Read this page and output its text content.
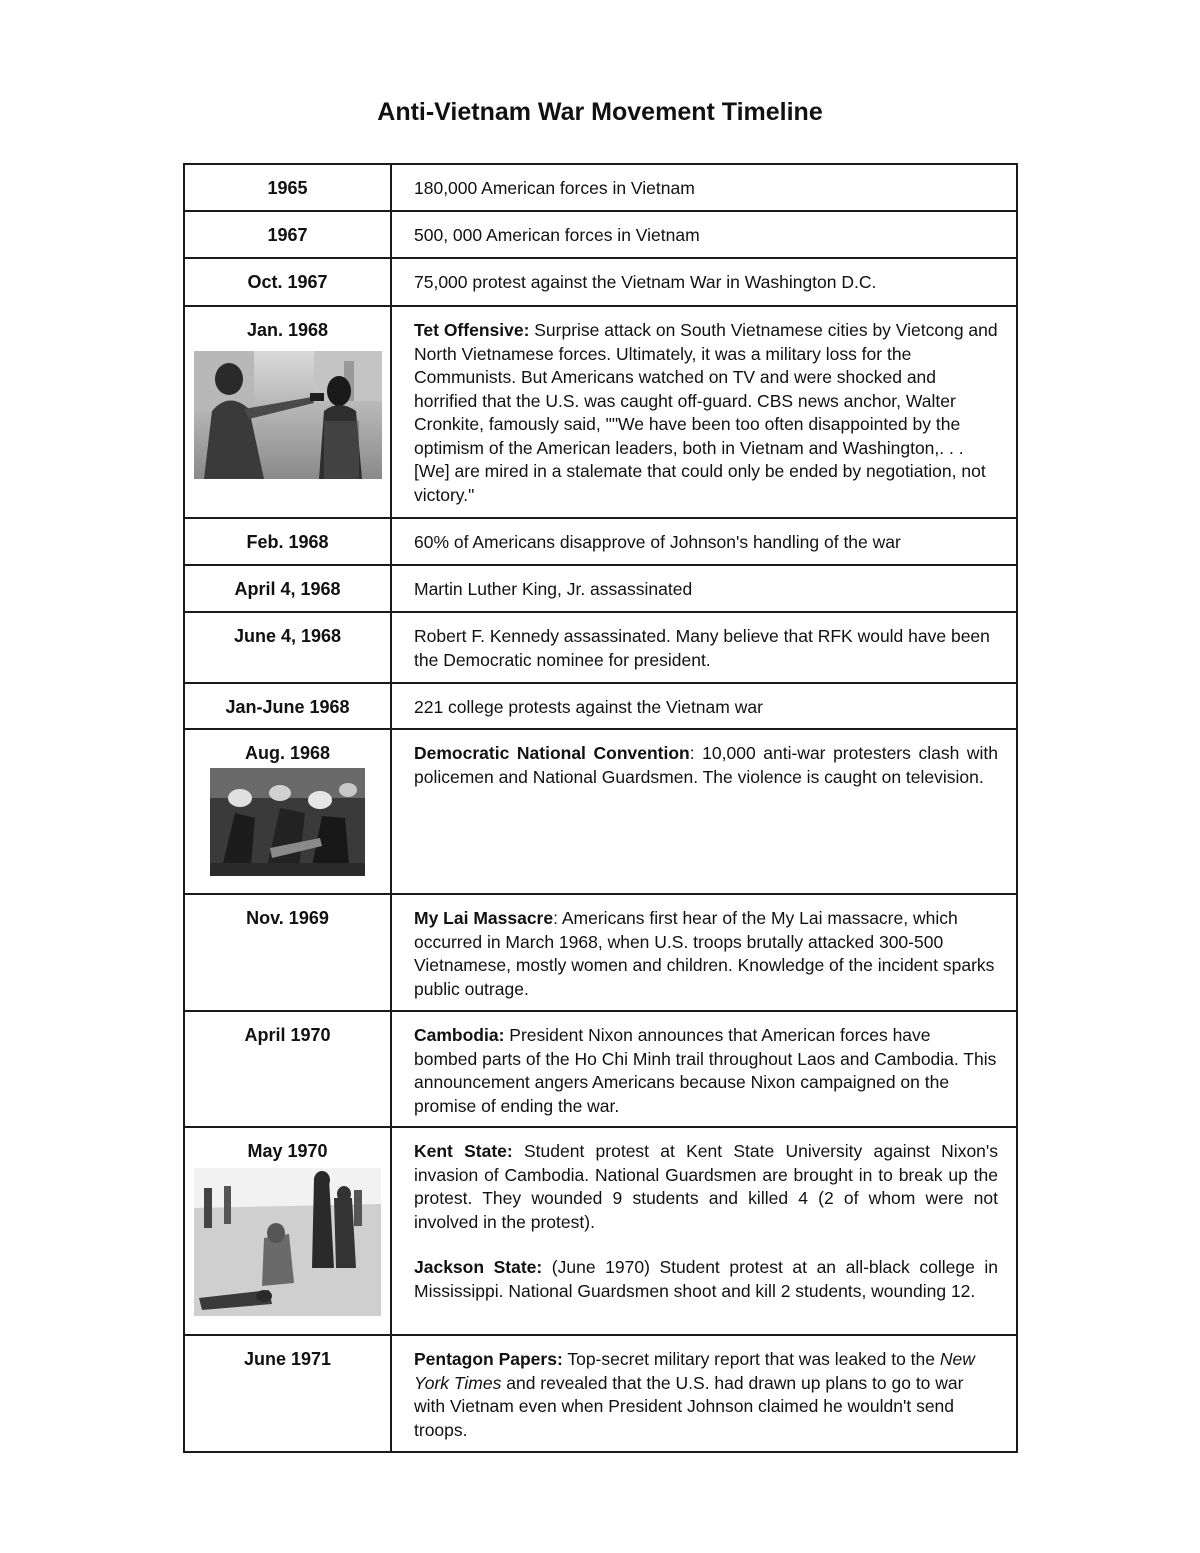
Anti-Vietnam War Movement Timeline
1965	180,000 American forces in Vietnam
1967	500, 000 American forces in Vietnam
Oct. 1967	75,000 protest against the Vietnam War in Washington D.C.

Jan. 1968	Tet Offensive: Surprise attack on South Vietnamese cities by Vietcong and North Vietnamese forces. Ultimately, it was a military loss for the Communists. But Americans watched on TV and were shocked and horrified that the U.S. was caught off-guard. CBS news anchor, Walter Cronkite, famously said, ""We have been too often disappointed by the optimism of the American leaders, both in Vietnam and Washington,. . . [We] are mired in a stalemate that could only be ended by negotiation, not victory."
Feb. 1968	60% of Americans disapprove of Johnson's handling of the war
April 4, 1968	Martin Luther King, Jr. assassinated
June 4, 1968	Robert F. Kennedy assassinated. Many believe that RFK would have been the Democratic nominee for president.
Jan-June 1968	221 college protests against the Vietnam war

Aug. 1968	Democratic National Convention: 10,000 anti-war protesters clash with policemen and National Guardsmen. The violence is caught on television.
Nov. 1969	My Lai Massacre: Americans first hear of the My Lai massacre, which occurred in March 1968, when U.S. troops brutally attacked 300-500 Vietnamese, mostly women and children. Knowledge of the incident sparks public outrage.
April 1970	Cambodia: President Nixon announces that American forces have bombed parts of the Ho Chi Minh trail throughout Laos and Cambodia. This announcement angers Americans because Nixon campaigned on the promise of ending the war.

May 1970	Kent State: Student protest at Kent State University against Nixon's invasion of Cambodia. National Guardsmen are brought in to break up the protest. They wounded 9 students and killed 4 (2 of whom were not involved in the protest).
Jackson State: (June 1970) Student protest at an all-black college in Mississippi. National Guardsmen shoot and kill 2 students, wounding 12.
June 1971	Pentagon Papers: Top-secret military report that was leaked to the New York Times and revealed that the U.S. had drawn up plans to go to war with Vietnam even when President Johnson claimed he wouldn't send troops.
